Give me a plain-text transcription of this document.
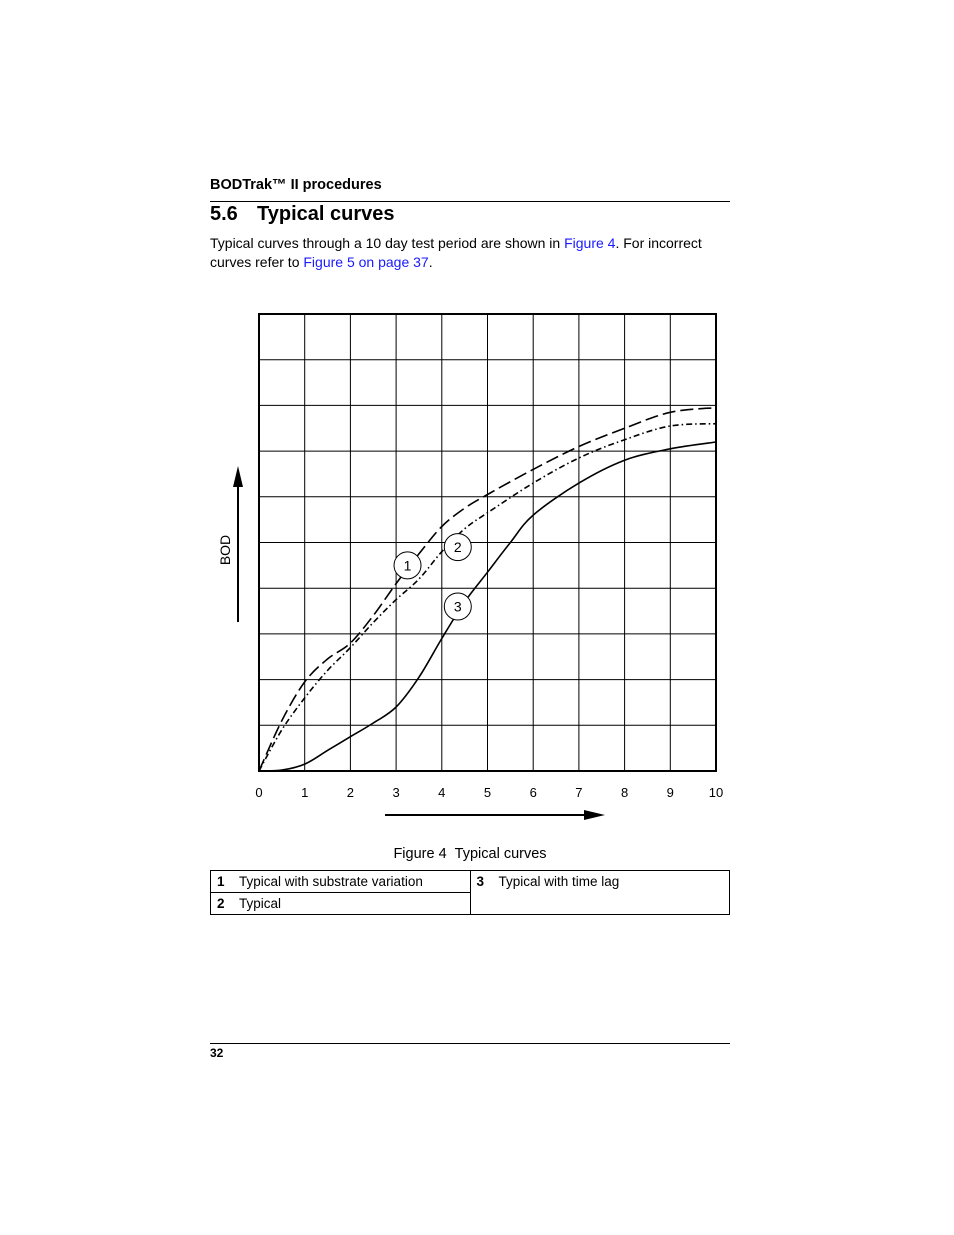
BODTrak™ II procedures
5.6 Typical curves
Typical curves through a 10 day test period are shown in Figure 4. For incorrect curves refer to Figure 5 on page 37.
1
2
3
0	1	2	3	4	5	6	7	8	9	10
BOD
Figure 4 Typical curves
1 Typical with substrate variation	3 Typical with time lag
2 Typical
32
